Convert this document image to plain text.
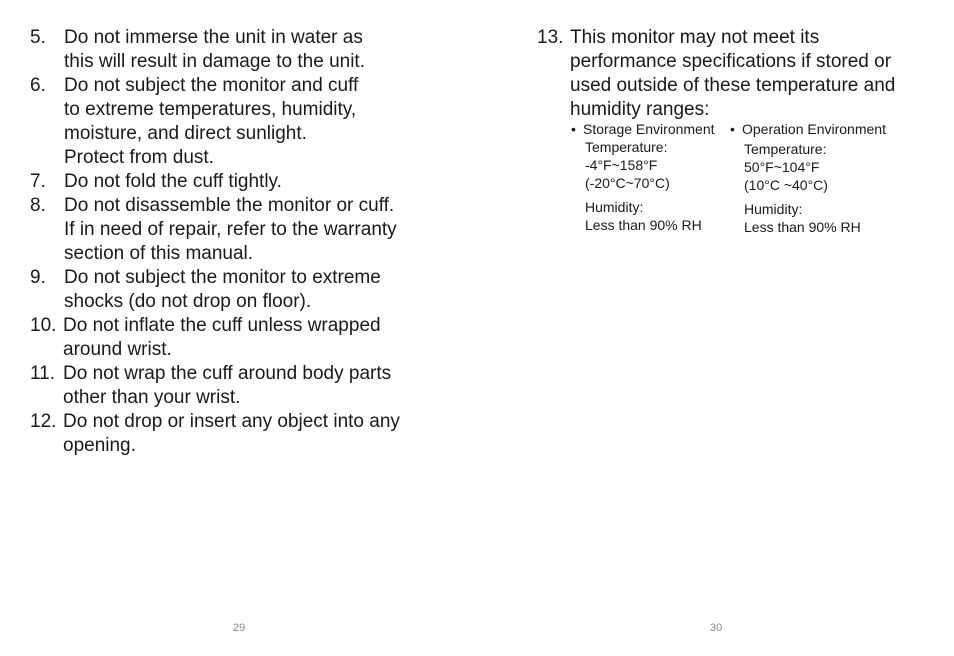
5. Do not immerse the unit in water as
this will result in damage to the unit.
6. Do not subject the monitor and cuff
to extreme temperatures, humidity,
moisture, and direct sunlight.
Protect from dust.
7. Do not fold the cuff tightly.
8. Do not disassemble the monitor or cuff.
If in need of repair, refer to the warranty
section of this manual.
9. Do not subject the monitor to extreme
shocks (do not drop on floor).
10. Do not inflate the cuff unless wrapped
around wrist.
11. Do not wrap the cuff around body parts
other than your wrist.
12. Do not drop or insert any object into any
opening.
29
13. This monitor may not meet its
performance specifications if stored or
used outside of these temperature and
humidity ranges:
30
• Storage Environment
Temperature:
-4°F~158°F
(-20°C~70°C)
Humidity:
Less than 90% RH
• Operation Environment
Temperature:
50°F~104°F
(10°C ~40°C)
Humidity:
Less than 90% RH
